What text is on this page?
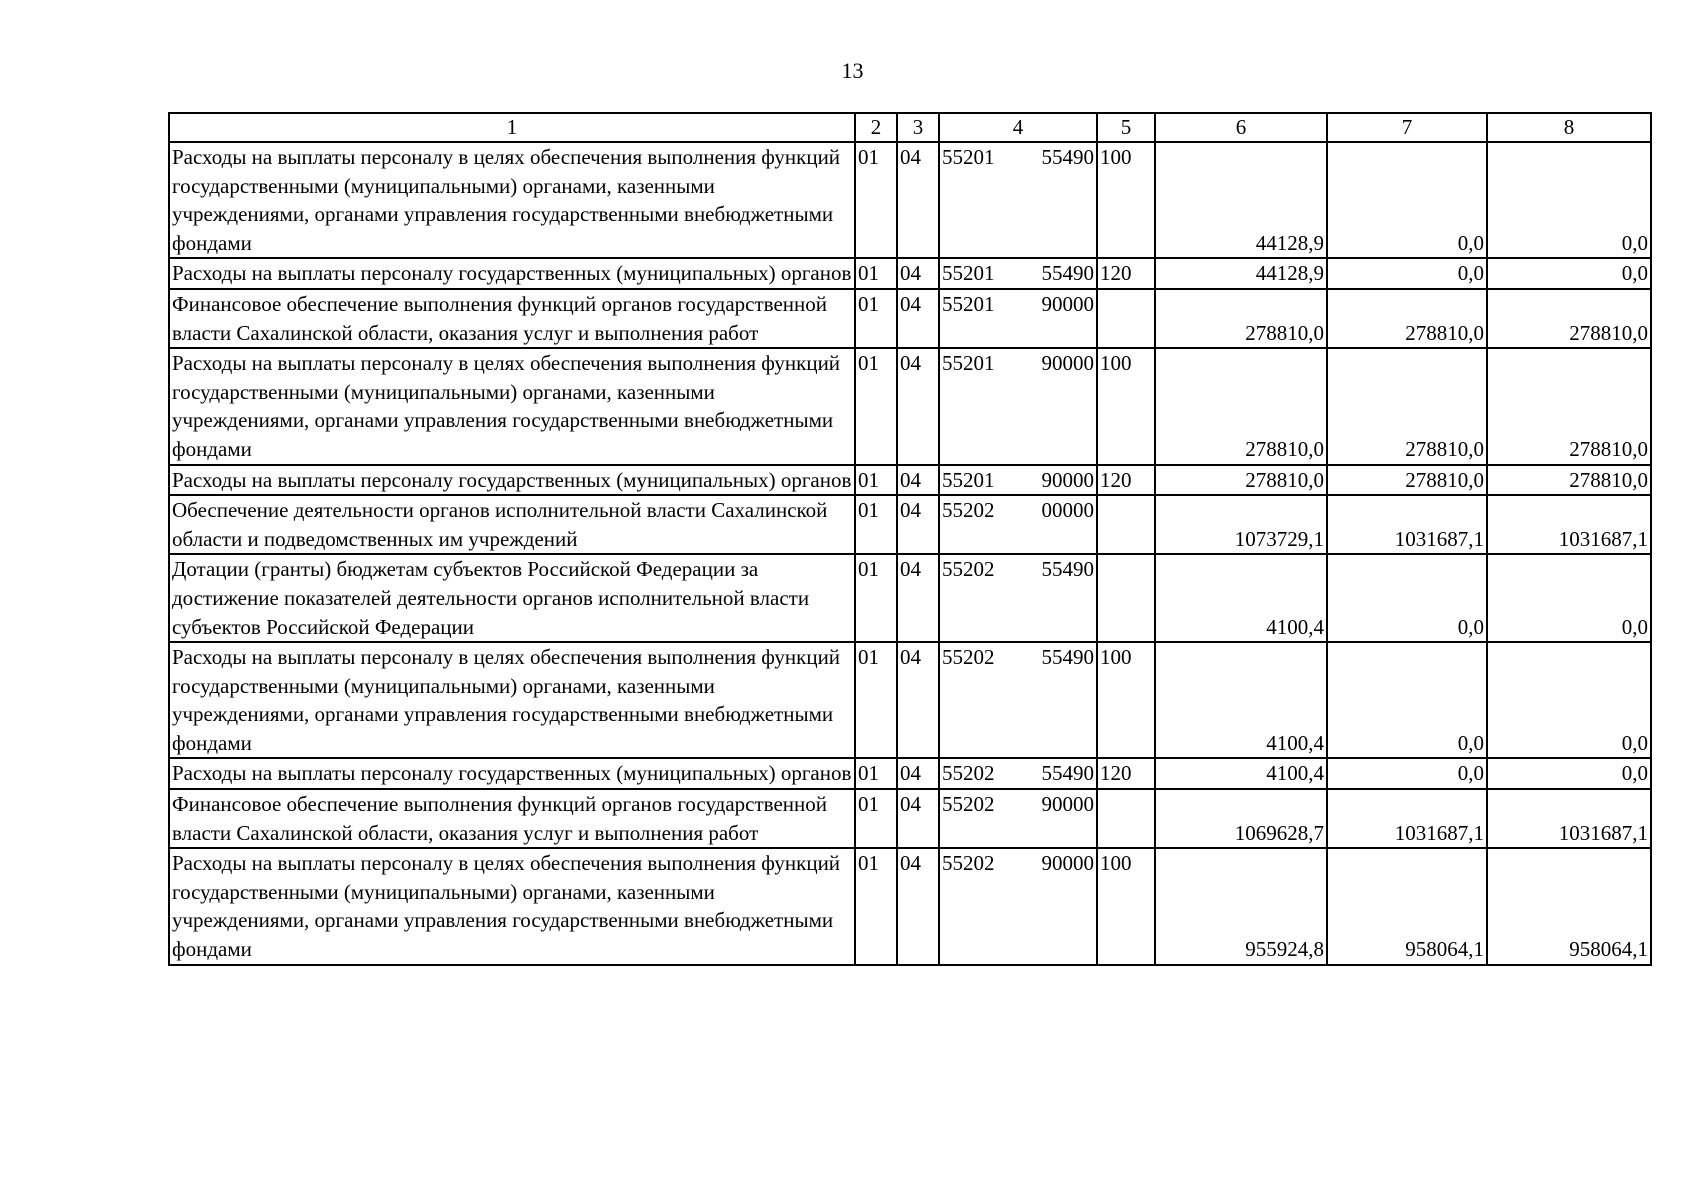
13
1	2	3	4	5	6	7	8
Расходы на выплаты персоналу в целях обеспечения выполнения функций государственными (муниципальными) органами, казенными учреждениями, органами управления государственными внебюджетными фондами	01	04	55201 55490	100	44128,9	0,0	0,0
Расходы на выплаты персоналу государственных (муниципальных) органов	01	04	55201 55490	120	44128,9	0,0	0,0
Финансовое обеспечение выполнения функций органов государственной власти Сахалинской области, оказания услуг и выполнения работ	01	04	55201 90000		278810,0	278810,0	278810,0
Расходы на выплаты персоналу в целях обеспечения выполнения функций государственными (муниципальными) органами, казенными учреждениями, органами управления государственными внебюджетными фондами	01	04	55201 90000	100	278810,0	278810,0	278810,0
Расходы на выплаты персоналу государственных (муниципальных) органов	01	04	55201 90000	120	278810,0	278810,0	278810,0
Обеспечение деятельности органов исполнительной власти Сахалинской области и подведомственных им учреждений	01	04	55202 00000		1073729,1	1031687,1	1031687,1
Дотации (гранты) бюджетам субъектов Российской Федерации за достижение показателей деятельности органов исполнительной власти субъектов Российской Федерации	01	04	55202 55490		4100,4	0,0	0,0
Расходы на выплаты персоналу в целях обеспечения выполнения функций государственными (муниципальными) органами, казенными учреждениями, органами управления государственными внебюджетными фондами	01	04	55202 55490	100	4100,4	0,0	0,0
Расходы на выплаты персоналу государственных (муниципальных) органов	01	04	55202 55490	120	4100,4	0,0	0,0
Финансовое обеспечение выполнения функций органов государственной власти Сахалинской области, оказания услуг и выполнения работ	01	04	55202 90000		1069628,7	1031687,1	1031687,1
Расходы на выплаты персоналу в целях обеспечения выполнения функций государственными (муниципальными) органами, казенными учреждениями, органами управления государственными внебюджетными фондами	01	04	55202 90000	100	955924,8	958064,1	958064,1
